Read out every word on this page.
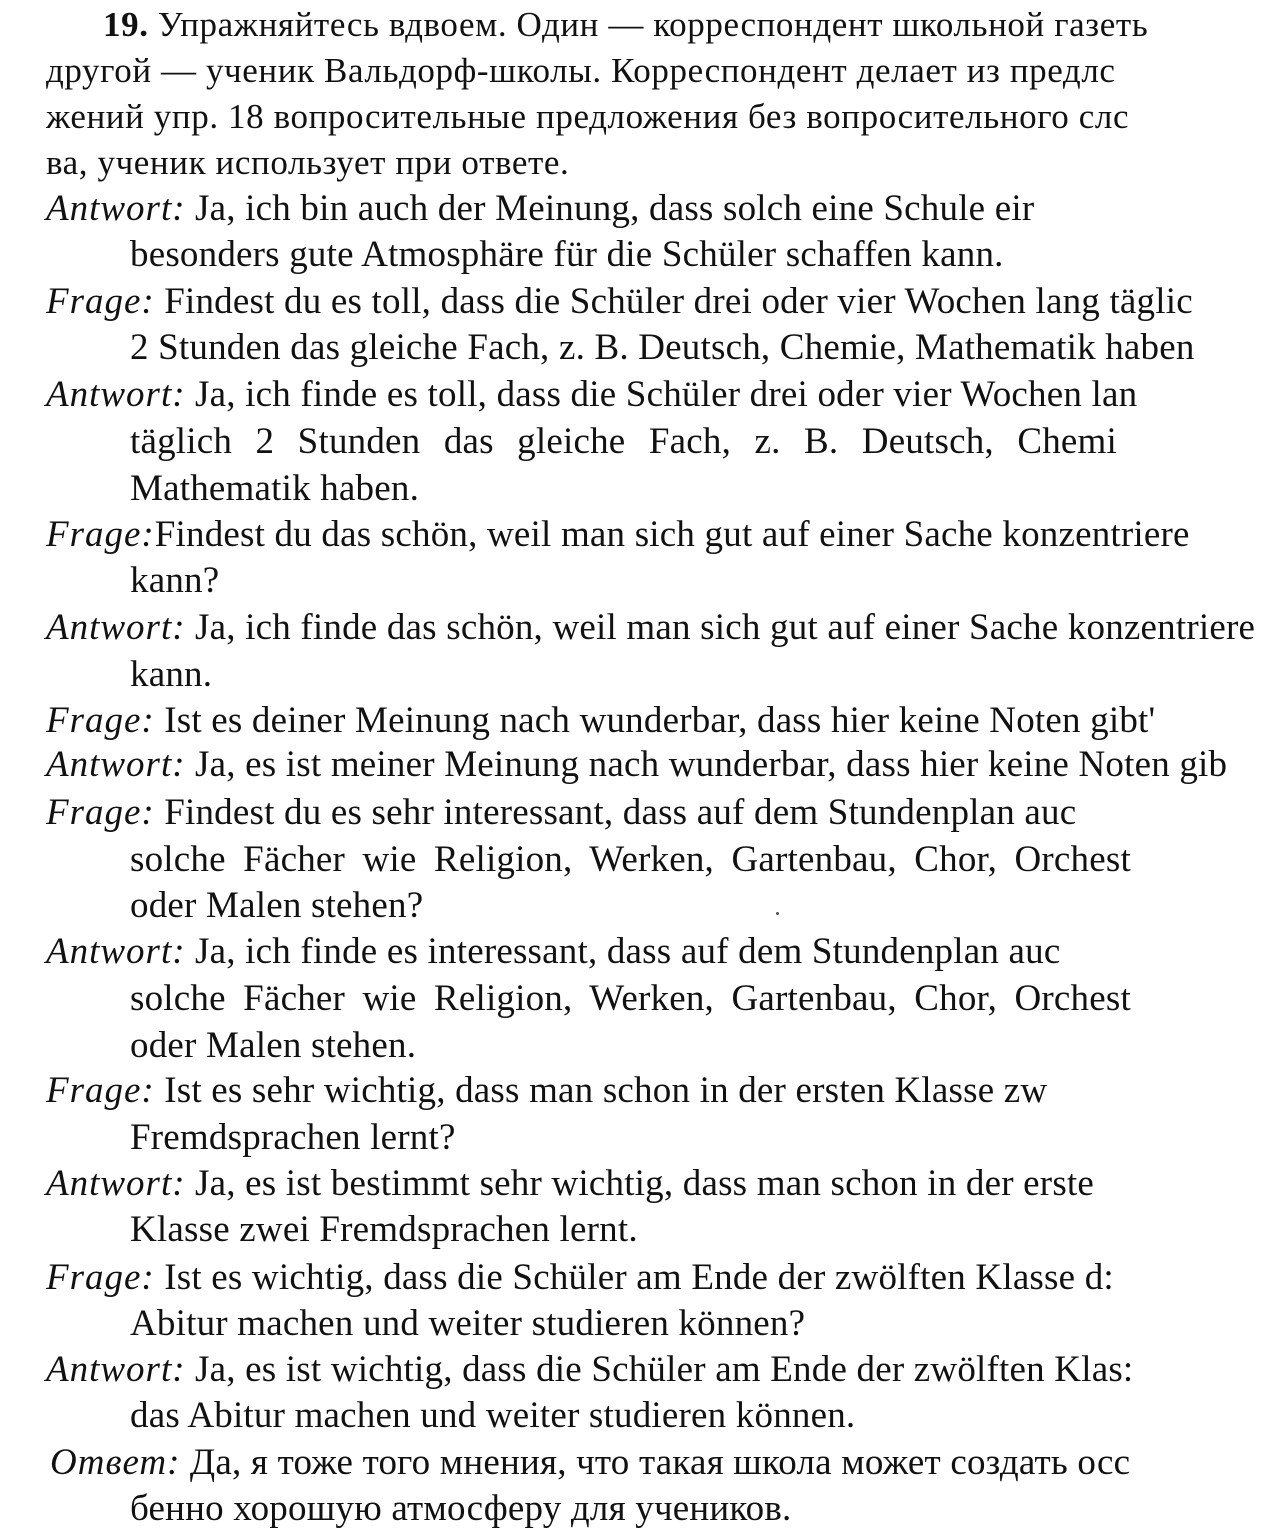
19. Упражняйтесь вдвоем. Один — корреспондент школьной газеть
другой — ученик Вальдорф-школы. Корреспондент делает из предлс
жений упр. 18 вопросительные предложения без вопросительного слс
ва, ученик использует при ответе.
Antwort: Ja, ich bin auch der Meinung, dass solch eine Schule eir
besonders gute Atmosphäre für die Schüler schaffen kann.
Frage: Findest du es toll, dass die Schüler drei oder vier Wochen lang täglic
2 Stunden das gleiche Fach, z. B. Deutsch, Chemie, Mathematik haben
Antwort: Ja, ich finde es toll, dass die Schüler drei oder vier Wochen lan
täglich 2 Stunden das gleiche Fach, z. B. Deutsch, Chemi
Mathematik haben.
Frage:Findest du das schön, weil man sich gut auf einer Sache konzentriere
kann?
Antwort: Ja, ich finde das schön, weil man sich gut auf einer Sache konzentriere
kann.
Frage: Ist es deiner Meinung nach wunderbar, dass hier keine Noten gibt'
Antwort: Ja, es ist meiner Meinung nach wunderbar, dass hier keine Noten gib
Frage: Findest du es sehr interessant, dass auf dem Stundenplan auc
solche Fächer wie Religion, Werken, Gartenbau, Chor, Orchest
oder Malen stehen?
Antwort: Ja, ich finde es interessant, dass auf dem Stundenplan auc
solche Fächer wie Religion, Werken, Gartenbau, Chor, Orchest
oder Malen stehen.
Frage: Ist es sehr wichtig, dass man schon in der ersten Klasse zw
Fremdsprachen lernt?
Antwort: Ja, es ist bestimmt sehr wichtig, dass man schon in der erste
Klasse zwei Fremdsprachen lernt.
Frage: Ist es wichtig, dass die Schüler am Ende der zwölften Klasse d:
Abitur machen und weiter studieren können?
Antwort: Ja, es ist wichtig, dass die Schüler am Ende der zwölften Klas:
das Abitur machen und weiter studieren können.
Ответ: Да, я тоже того мнения, что такая школа может создать осс
бенно хорошую атмосферу для учеников.
